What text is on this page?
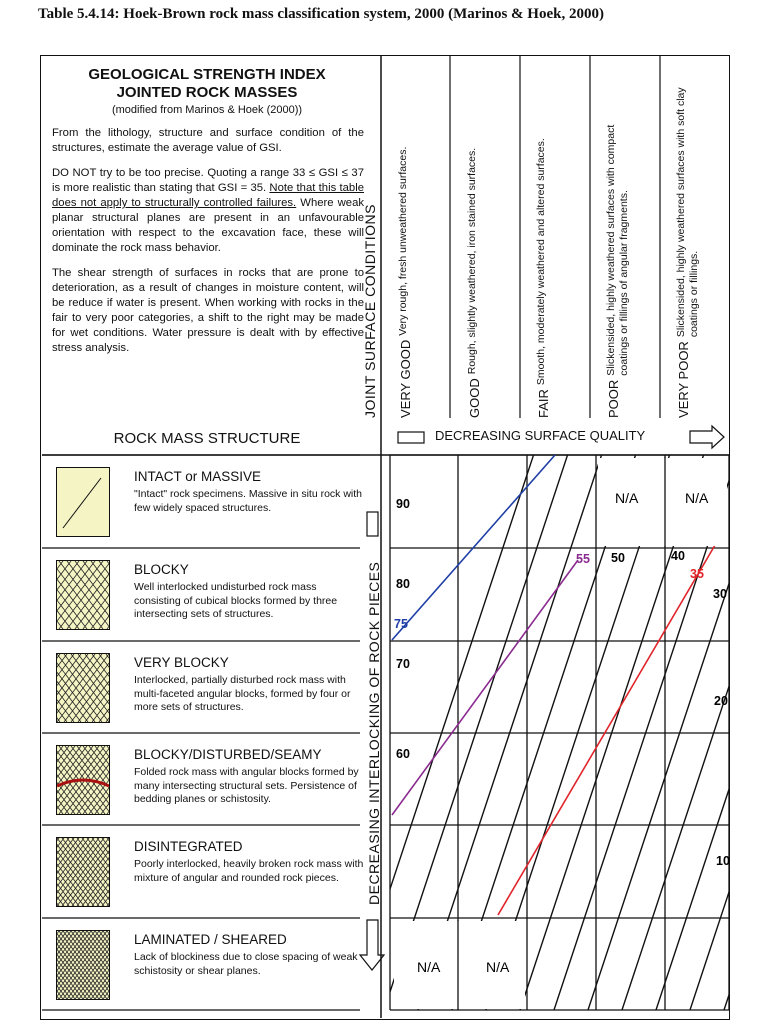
Table 5.4.14: Hoek-Brown rock mass classification system, 2000 (Marinos & Hoek, 2000)
GEOLOGICAL STRENGTH INDEX
JOINTED ROCK MASSES
(modified from Marinos & Hoek (2000))
From the lithology, structure and surface condition of the structures, estimate the average value of GSI.
DO NOT try to be too precise. Quoting a range 33 ≤ GSI ≤ 37 is more realistic than stating that GSI = 35. Note that this table does not apply to structurally controlled failures. Where weak planar structural planes are present in an unfavourable orientation with respect to the excavation face, these will dominate the rock mass behavior.
The shear strength of surfaces in rocks that are prone to deterioration, as a result of changes in moisture content, will be reduce if water is present. When working with rocks in the fair to very poor categories, a shift to the right may be made for wet conditions. Water pressure is dealt with by effective stress analysis.
ROCK MASS STRUCTURE
INTACT or MASSIVE
"Intact" rock specimens. Massive in situ rock with few widely spaced structures.
BLOCKY
Well interlocked undisturbed rock mass consisting of cubical blocks formed by three intersecting sets of structures.
VERY BLOCKY
Interlocked, partially disturbed rock mass with multi-faceted angular blocks, formed by four or more sets of structures.
BLOCKY/DISTURBED/SEAMY
Folded rock mass with angular blocks formed by many intersecting structural sets. Persistence of bedding planes or schistosity.
DISINTEGRATED
Poorly interlocked, heavily broken rock mass with mixture of angular and rounded rock pieces.
LAMINATED / SHEARED
Lack of blockiness due to close spacing of weak schistosity or shear planes.
JOINT SURFACE CONDITIONS VERY GOOD
Very rough, fresh unweathered surfaces.
GOOD
Rough, slightly weathered, iron stained surfaces.
FAIR
Smooth, moderately weathered and altered surfaces.
POOR
Slickensided, highly weathered surfaces with compact coatings or fillings of angular fragments.
VERY POOR
Slickensided, highly weathered surfaces with soft clay coatings or fillings.
DECREASING SURFACE QUALITY
DECREASING INTERLOCKING OF ROCK PIECES
N/A	N/A
N/A	N/A
90
80
70
60
50	40
30
20
10
75
55
35
